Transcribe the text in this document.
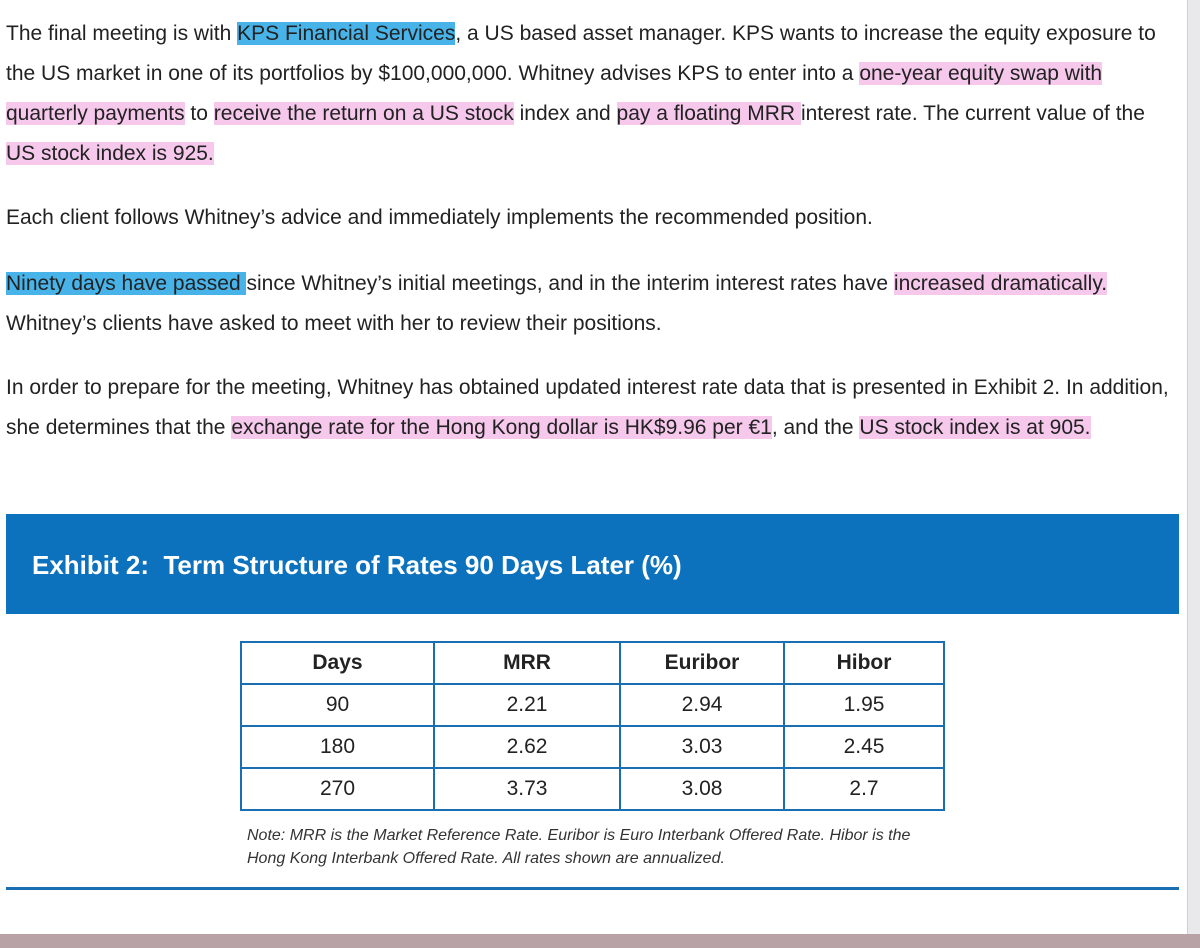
The final meeting is with KPS Financial Services, a US based asset manager. KPS wants to increase the equity exposure to the US market in one of its portfolios by $100,000,000. Whitney advises KPS to enter into a one-year equity swap with quarterly payments to receive the return on a US stock index and pay a floating MRR interest rate. The current value of the US stock index is 925.
Each client follows Whitney’s advice and immediately implements the recommended position.
Ninety days have passed since Whitney’s initial meetings, and in the interim interest rates have increased dramatically. Whitney’s clients have asked to meet with her to review their positions.
In order to prepare for the meeting, Whitney has obtained updated interest rate data that is presented in Exhibit 2. In addition, she determines that the exchange rate for the Hong Kong dollar is HK$9.96 per €1, and the US stock index is at 905.
Exhibit 2:  Term Structure of Rates 90 Days Later (%)
Days	MRR	Euribor	Hibor
90	2.21	2.94	1.95
180	2.62	3.03	2.45
270	3.73	3.08	2.7
Note: MRR is the Market Reference Rate. Euribor is Euro Interbank Offered Rate. Hibor is the Hong Kong Interbank Offered Rate. All rates shown are annualized.
